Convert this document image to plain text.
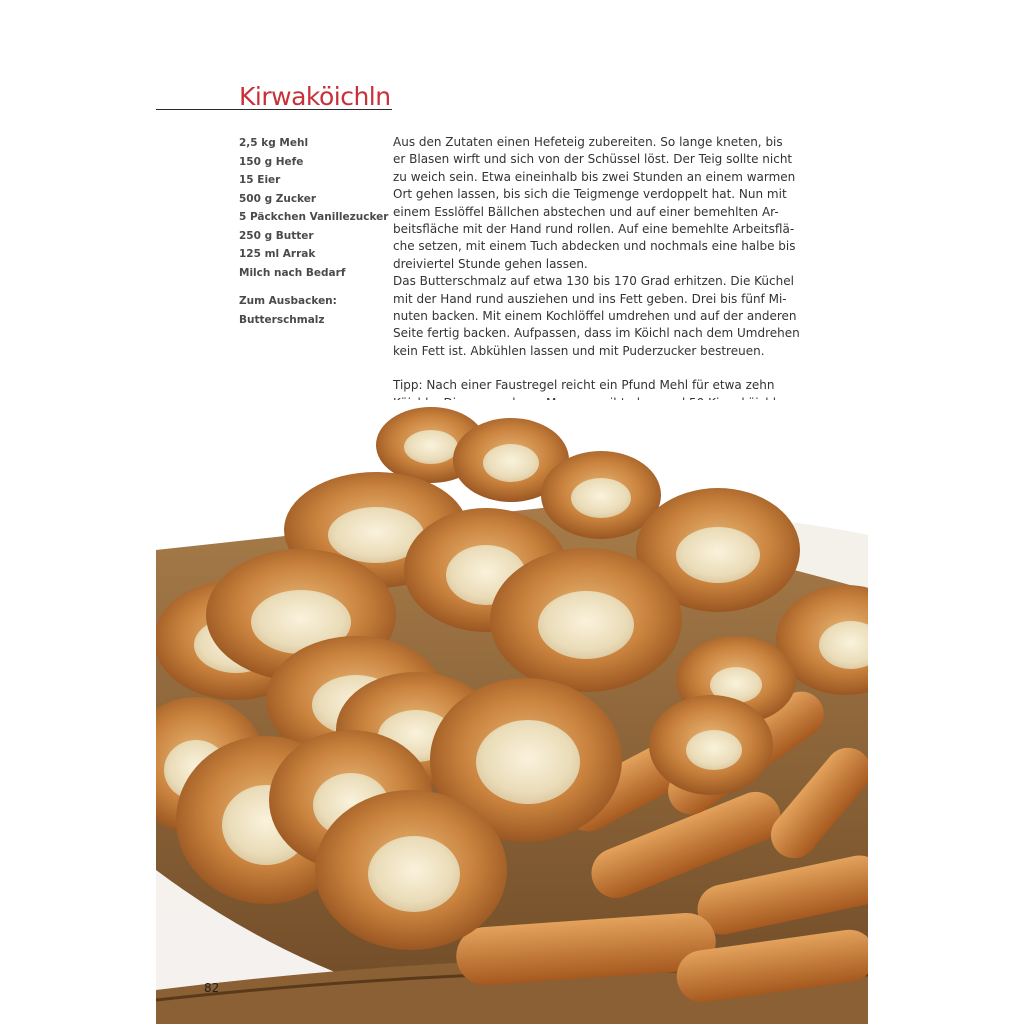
Kirwaköichln
2,5 kg Mehl
150 g Hefe
15 Eier
500 g Zucker
5 Päckchen Vanillezucker
250 g Butter
125 ml Arrak
Milch nach Bedarf
Zum Ausbacken:
Butterschmalz
Aus den Zutaten einen Hefeteig zubereiten. So lange kneten, bis
er Blasen wirft und sich von der Schüssel löst. Der Teig sollte nicht
zu weich sein. Etwa eineinhalb bis zwei Stunden an einem warmen
Ort gehen lassen, bis sich die Teigmenge verdoppelt hat. Nun mit
einem Esslöffel Bällchen abstechen und auf einer bemehlten Ar-
beitsfläche mit der Hand rund rollen. Auf eine bemehlte Arbeitsflä-
che setzen, mit einem Tuch abdecken und nochmals eine halbe bis
dreiviertel Stunde gehen lassen.
Das Butterschmalz auf etwa 130 bis 170 Grad erhitzen. Die Küchel
mit der Hand rund ausziehen und ins Fett geben. Drei bis fünf Mi-
nuten backen. Mit einem Kochlöffel umdrehen und auf der anderen
Seite fertig backen. Aufpassen, dass im Köichl nach dem Umdrehen
kein Fett ist. Abkühlen lassen und mit Puderzucker bestreuen.
Tipp: Nach einer Faustregel reicht ein Pfund Mehl für etwa zehn
82
